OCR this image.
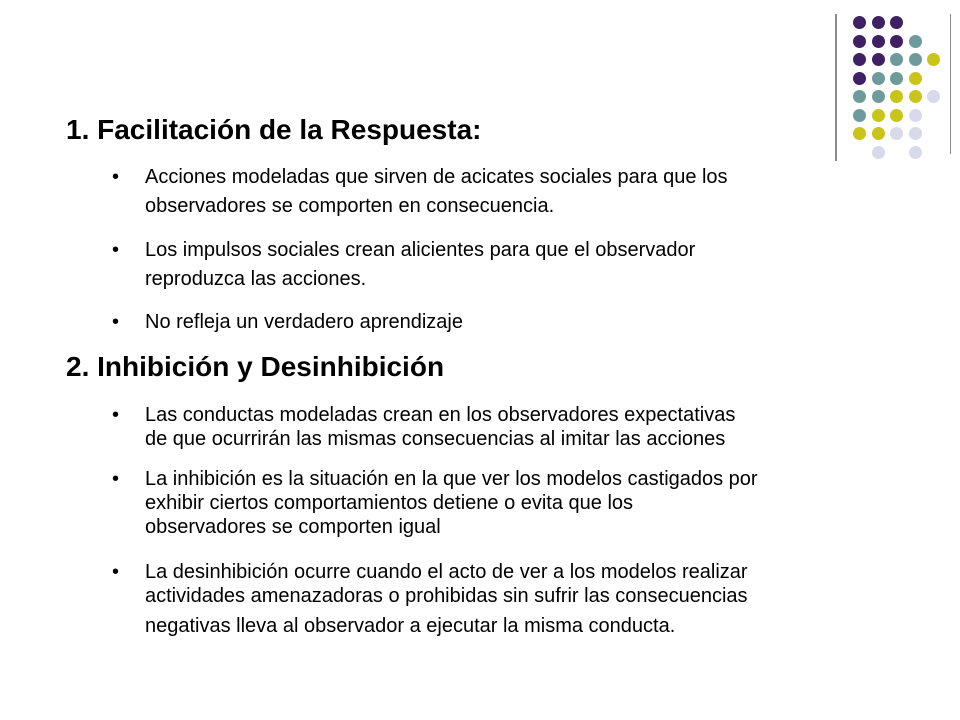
1. Facilitación de la Respuesta:
• Acciones modeladas que sirven de acicates sociales para que los
observadores se comporten en consecuencia.
• Los impulsos sociales crean alicientes para que el observador
reproduzca las acciones.
• No refleja un verdadero aprendizaje
2. Inhibición y Desinhibición
• Las conductas modeladas crean en los observadores expectativas
de que ocurrirán las mismas consecuencias al imitar las acciones
• La inhibición es la situación en la que ver los modelos castigados por
exhibir ciertos comportamientos detiene o evita que los
observadores se comporten igual
• La desinhibición ocurre cuando el acto de ver a los modelos realizar
actividades amenazadoras o prohibidas sin sufrir las consecuencias
negativas lleva al observador a ejecutar la misma conducta.
